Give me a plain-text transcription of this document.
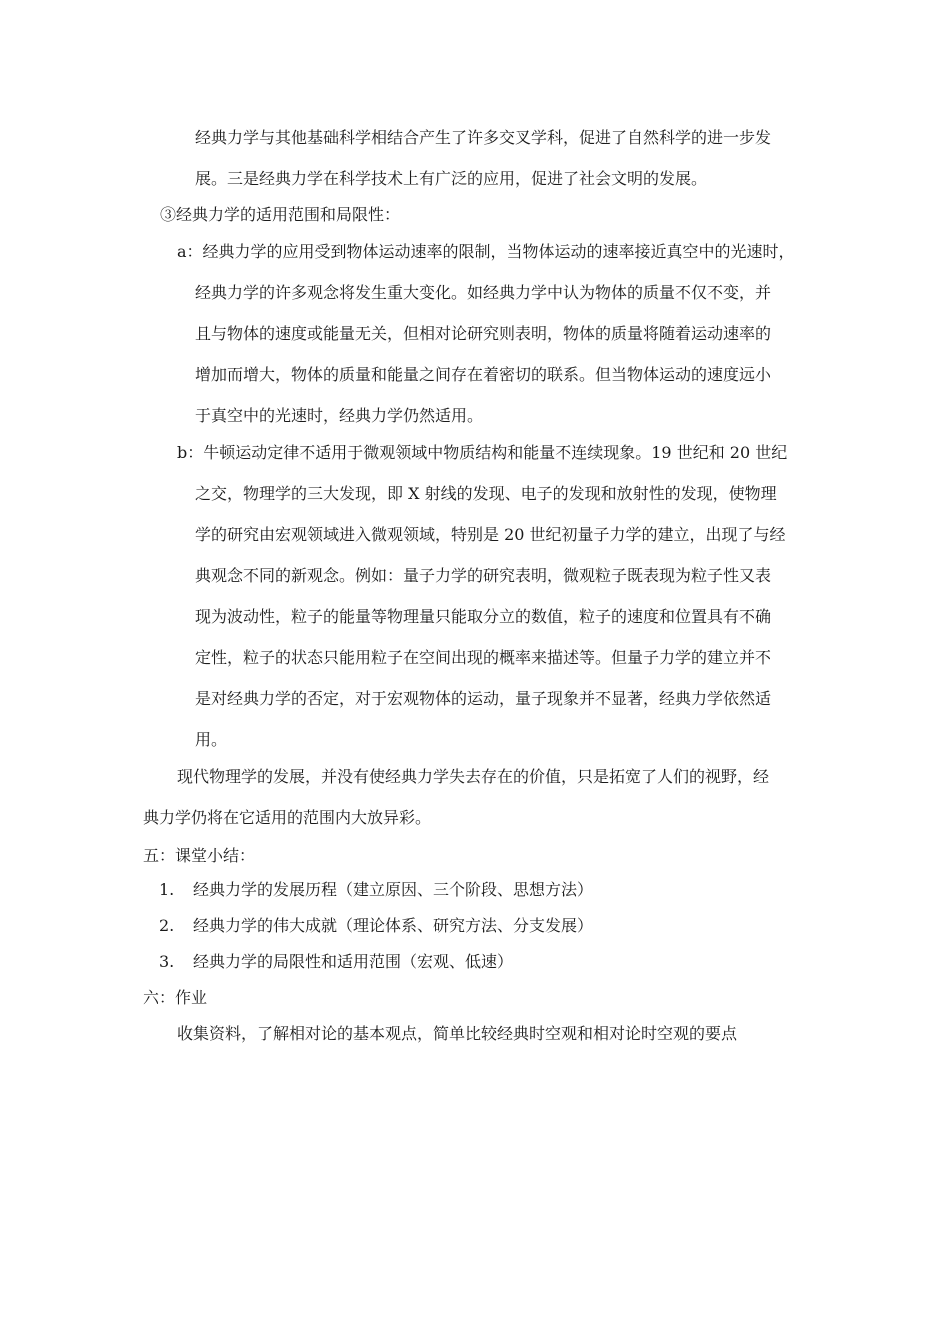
经典力学与其他基础科学相结合产生了许多交叉学科，促进了自然科学的进一步发
展。三是经典力学在科学技术上有广泛的应用，促进了社会文明的发展。
③经典力学的适用范围和局限性：
a：经典力学的应用受到物体运动速率的限制，当物体运动的速率接近真空中的光速时，
经典力学的许多观念将发生重大变化。如经典力学中认为物体的质量不仅不变，并
且与物体的速度或能量无关，但相对论研究则表明，物体的质量将随着运动速率的
增加而增大，物体的质量和能量之间存在着密切的联系。但当物体运动的速度远小
于真空中的光速时，经典力学仍然适用。
b：牛顿运动定律不适用于微观领域中物质结构和能量不连续现象。19 世纪和 20 世纪
之交，物理学的三大发现，即 X 射线的发现、电子的发现和放射性的发现，使物理
学的研究由宏观领域进入微观领域，特别是 20 世纪初量子力学的建立，出现了与经
典观念不同的新观念。例如：量子力学的研究表明，微观粒子既表现为粒子性又表
现为波动性，粒子的能量等物理量只能取分立的数值，粒子的速度和位置具有不确
定性，粒子的状态只能用粒子在空间出现的概率来描述等。但量子力学的建立并不
是对经典力学的否定，对于宏观物体的运动，量子现象并不显著，经典力学依然适
用。
现代物理学的发展，并没有使经典力学失去存在的价值，只是拓宽了人们的视野，经
典力学仍将在它适用的范围内大放异彩。
五：课堂小结：
1. 经典力学的发展历程（建立原因、三个阶段、思想方法）
2. 经典力学的伟大成就（理论体系、研究方法、分支发展）
3. 经典力学的局限性和适用范围（宏观、低速）
六：作业
收集资料，了解相对论的基本观点，简单比较经典时空观和相对论时空观的要点
